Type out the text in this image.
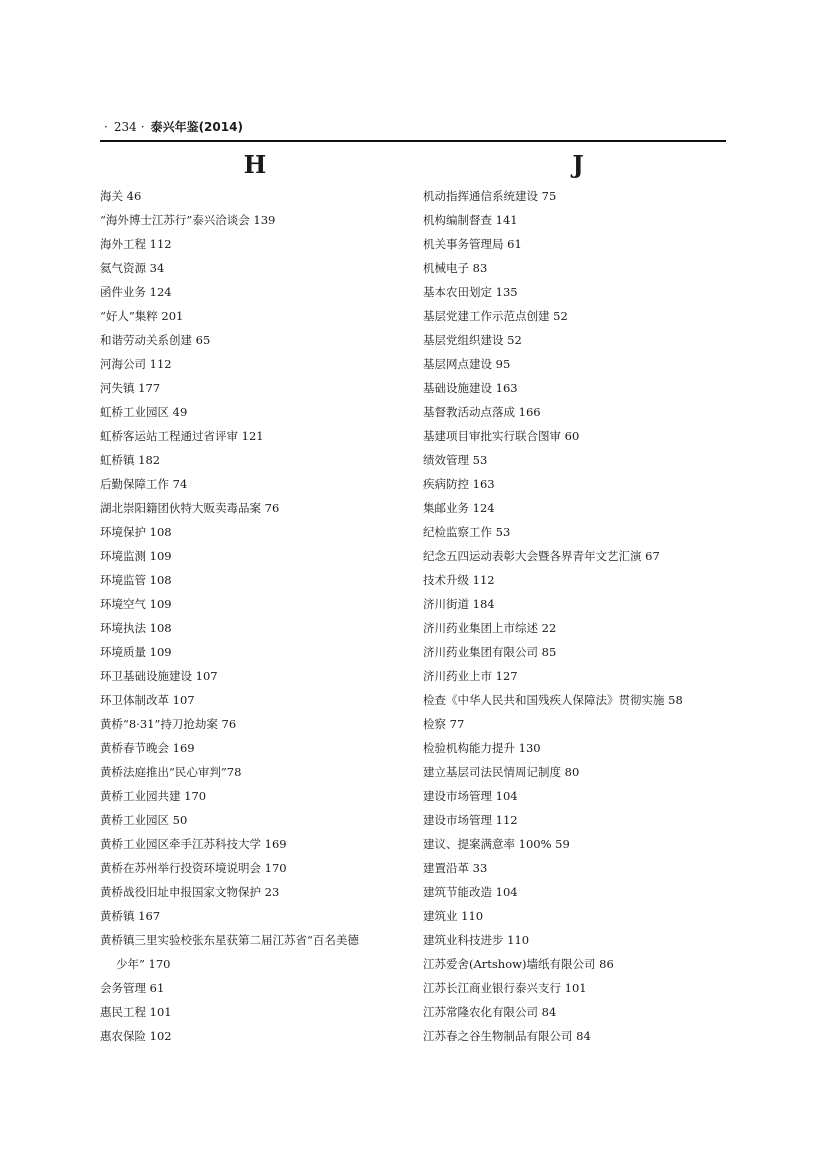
· 234 · 泰兴年鉴(2014)
H
海关 46
“海外博士江苏行”泰兴洽谈会 139
海外工程 112
氦气资源 34
函件业务 124
“好人”集粹 201
和谐劳动关系创建 65
河海公司 112
河失镇 177
虹桥工业园区 49
虹桥客运站工程通过省评审 121
虹桥镇 182
后勤保障工作 74
湖北崇阳籍团伙特大贩卖毒品案 76
环境保护 108
环境监测 109
环境监管 108
环境空气 109
环境执法 108
环境质量 109
环卫基础设施建设 107
环卫体制改革 107
黄桥“8·31”持刀抢劫案 76
黄桥春节晚会 169
黄桥法庭推出“民心审判”78
黄桥工业园共建 170
黄桥工业园区 50
黄桥工业园区牵手江苏科技大学 169
黄桥在苏州举行投资环境说明会 170
黄桥战役旧址申报国家文物保护 23
黄桥镇 167
黄桥镇三里实验校张东星获第二届江苏省“百名美德
少年” 170
会务管理 61
惠民工程 101
惠农保险 102
J
机动指挥通信系统建设 75
机构编制督查 141
机关事务管理局 61
机械电子 83
基本农田划定 135
基层党建工作示范点创建 52
基层党组织建设 52
基层网点建设 95
基础设施建设 163
基督教活动点落成 166
基建项目审批实行联合图审 60
绩效管理 53
疾病防控 163
集邮业务 124
纪检监察工作 53
纪念五四运动表彰大会暨各界青年文艺汇演 67
技术升级 112
济川街道 184
济川药业集团上市综述 22
济川药业集团有限公司 85
济川药业上市 127
检查《中华人民共和国残疾人保障法》贯彻实施 58
检察 77
检验机构能力提升 130
建立基层司法民情周记制度 80
建设市场管理 104
建设市场管理 112
建议、提案满意率 100% 59
建置沿革 33
建筑节能改造 104
建筑业 110
建筑业科技进步 110
江苏爱舍(Artshow)墙纸有限公司 86
江苏长江商业银行泰兴支行 101
江苏常隆农化有限公司 84
江苏春之谷生物制品有限公司 84
